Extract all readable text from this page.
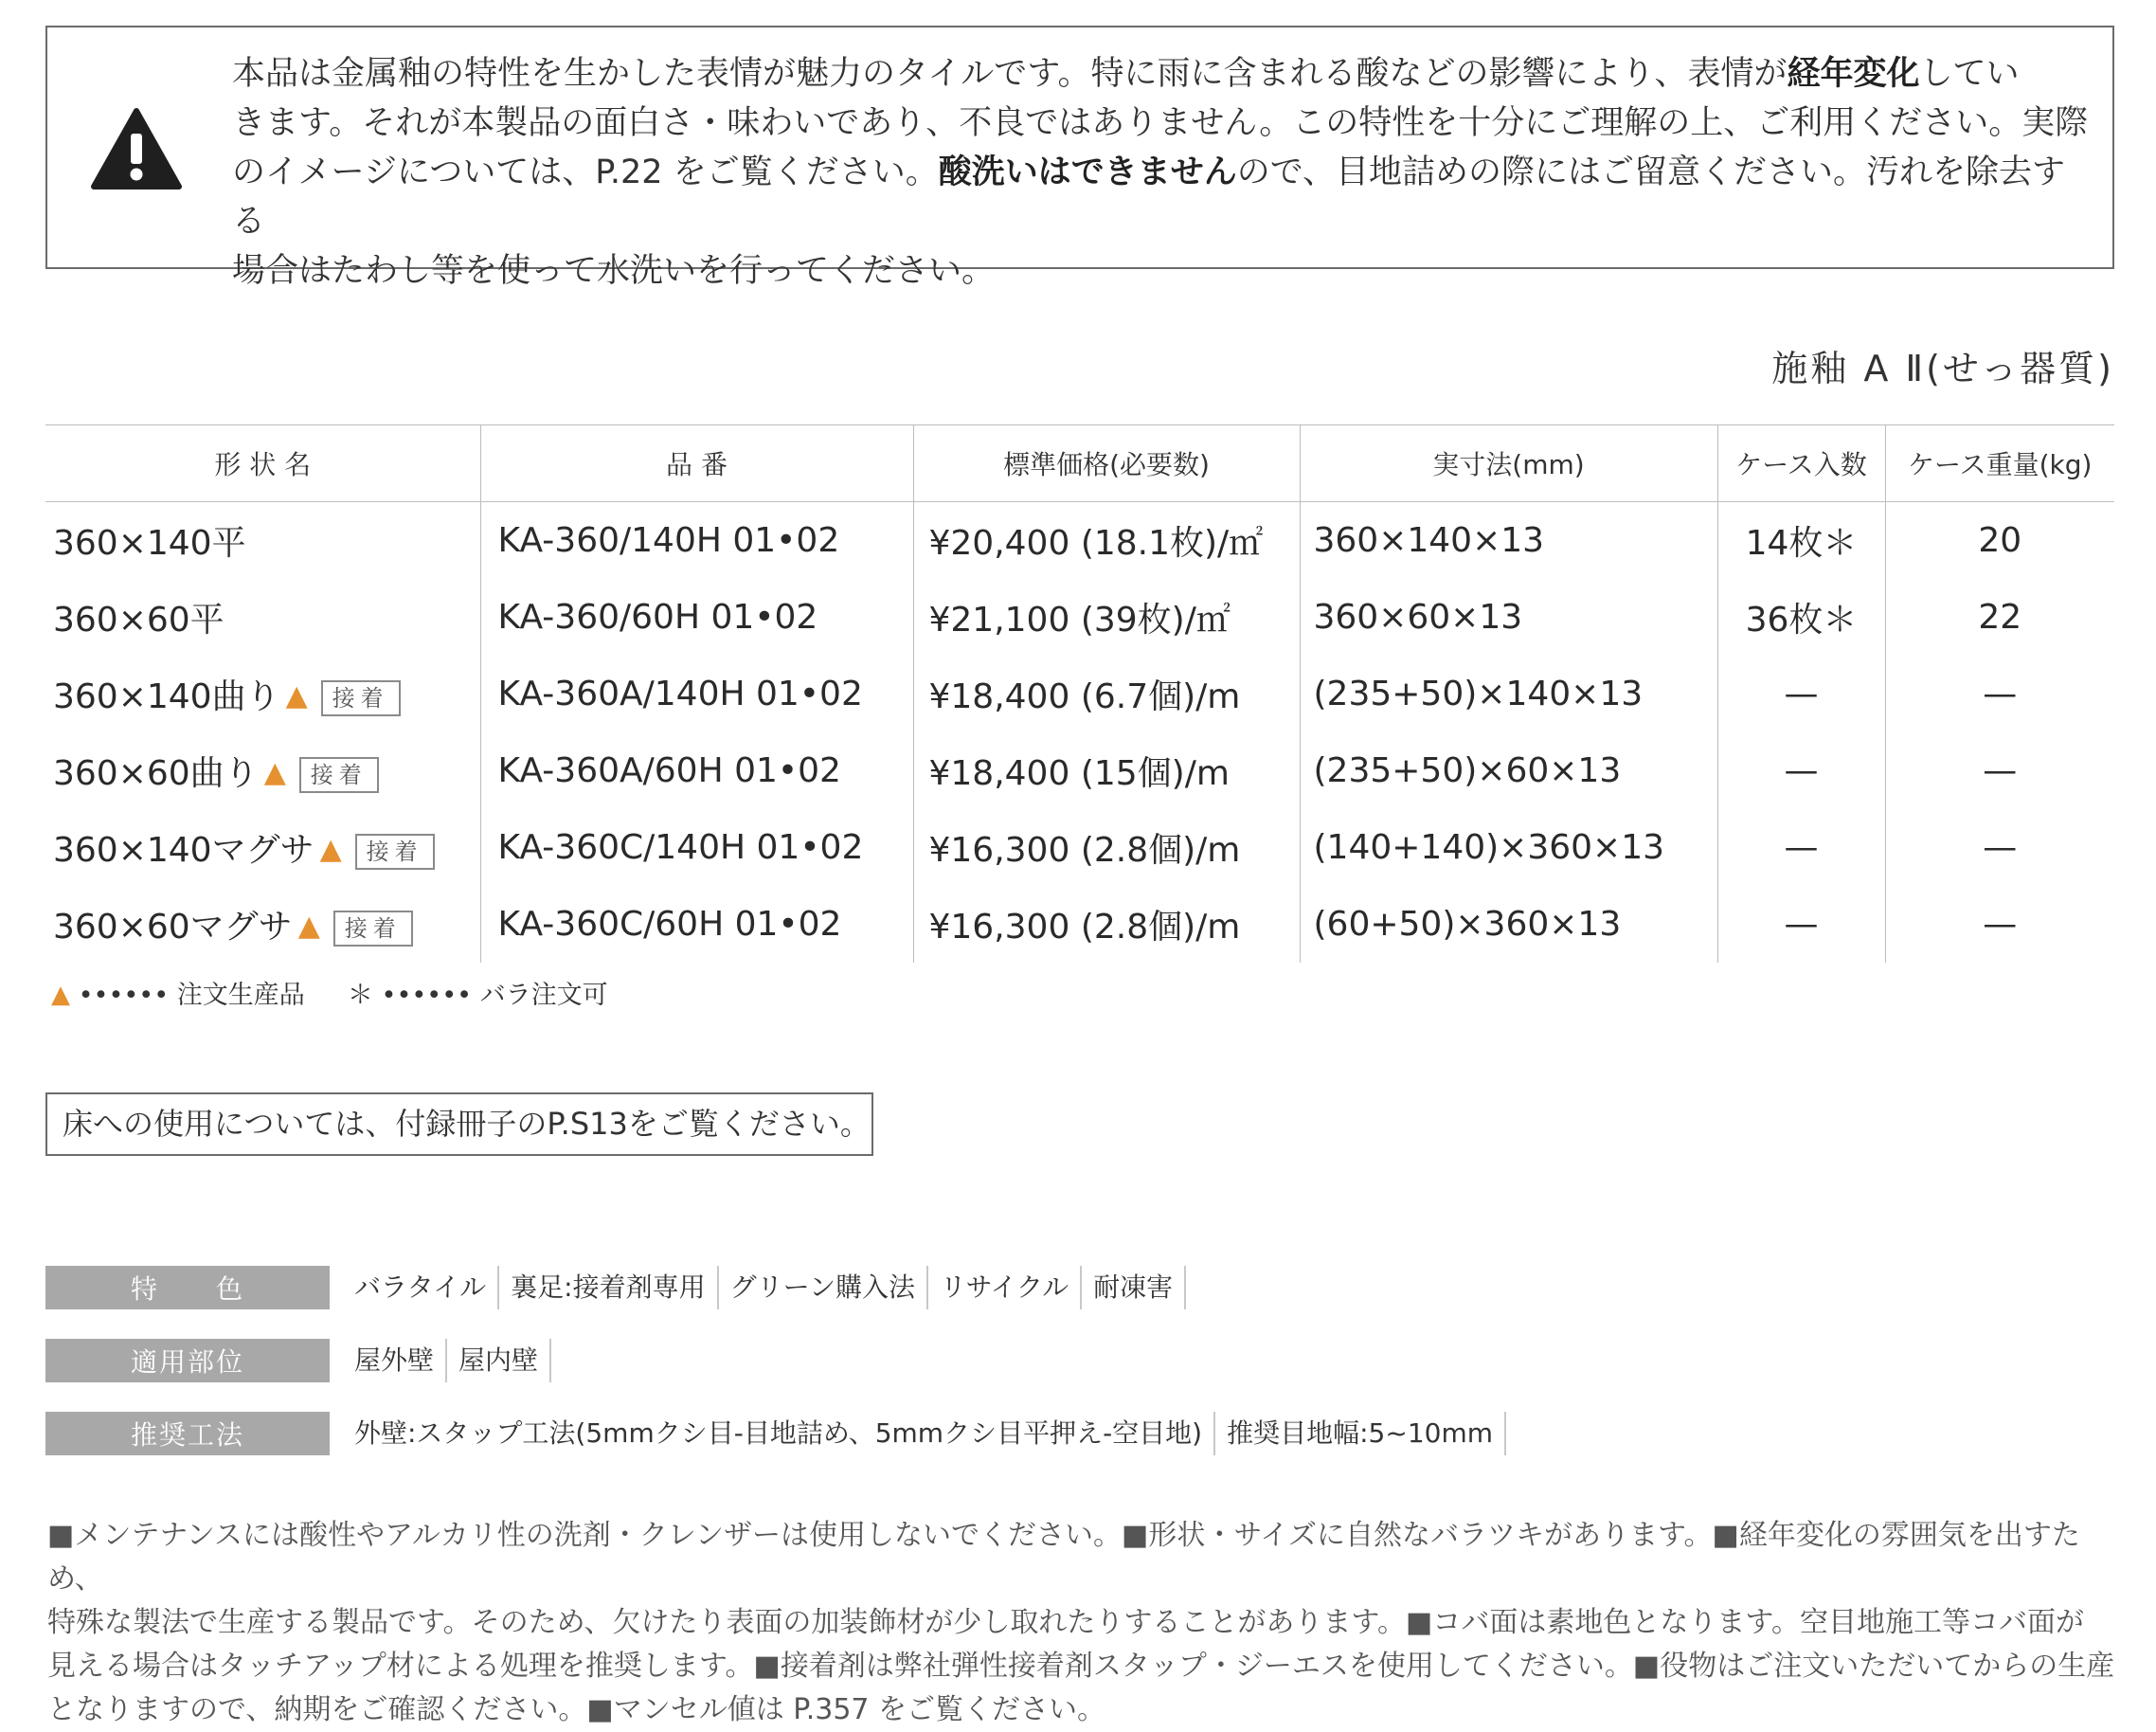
本品は金属釉の特性を生かした表情が魅力のタイルです。特に雨に含まれる酸などの影響により、表情が経年変化してい
きます。それが本製品の面白さ・味わいであり、不良ではありません。この特性を十分にご理解の上、ご利用ください。実際
のイメージについては、P.22 をご覧ください。酸洗いはできませんので、目地詰めの際にはご留意ください。汚れを除去する
場合はたわし等を使って水洗いを行ってください。
施釉 A Ⅱ(せっ器質)
形 状 名	品 番	標準価格(必要数)	実寸法(mm)	ケース入数	ケース重量(kg)
360×140平	KA-360/140H 01•02	¥20,400 (18.1枚)/㎡	360×140×13	14枚＊	20
360×60平	KA-360/60H 01•02	¥21,100 (39枚)/㎡	360×60×13	36枚＊	22
360×140曲り ▲ 接着	KA-360A/140H 01•02	¥18,400 (6.7個)/m	(235+50)×140×13	—	—
360×60曲り ▲ 接着	KA-360A/60H 01•02	¥18,400 (15個)/m	(235+50)×60×13	—	—
360×140マグサ ▲ 接着	KA-360C/140H 01•02	¥16,300 (2.8個)/m	(140+140)×360×13	—	—
360×60マグサ ▲ 接着	KA-360C/60H 01•02	¥16,300 (2.8個)/m	(60+50)×360×13	—	—
▲ •••••• 注文生産品 ＊ •••••• バラ注文可
床への使用については、付録冊子のP.S13をご覧ください。
特　　色	バラタイル 裏足:接着剤専用 グリーン購入法 リサイクル 耐凍害
適用部位	屋外壁 屋内壁
推奨工法	外壁:スタップ工法(5mmクシ目-目地詰め、5mmクシ目平押え-空目地) 推奨目地幅:5~10mm
■メンテナンスには酸性やアルカリ性の洗剤・クレンザーは使用しないでください。■形状・サイズに自然なバラツキがあります。■経年変化の雰囲気を出すため、
特殊な製法で生産する製品です。そのため、欠けたり表面の加装飾材が少し取れたりすることがあります。■コバ面は素地色となります。空目地施工等コバ面が
見える場合はタッチアップ材による処理を推奨します。■接着剤は弊社弾性接着剤スタップ・ジーエスを使用してください。■役物はご注文いただいてからの生産
となりますので、納期をご確認ください。■マンセル値は P.357 をご覧ください。
